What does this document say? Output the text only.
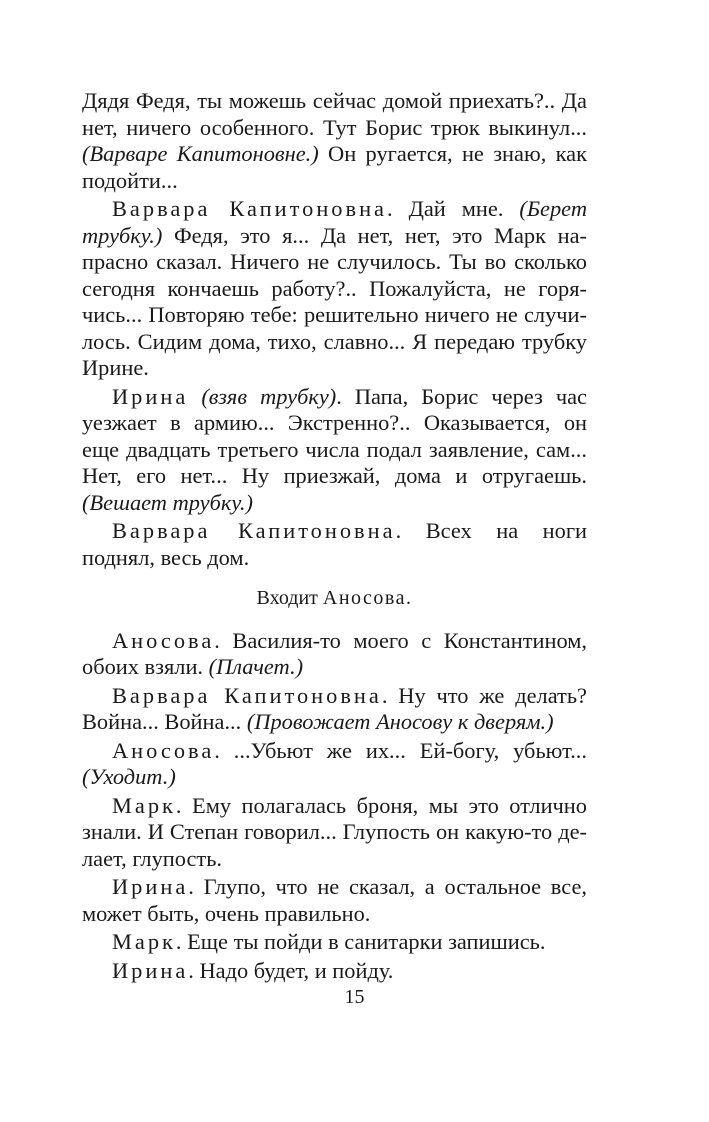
Дядя Федя, ты можешь сейчас домой приехать?.. Да нет, ничего особенного. Тут Борис трюк выкинул... (Варваре Капитоновне.) Он ругается, не знаю, как подойти...

Варвара Капитоновна. Дай мне. (Берет трубку.) Федя, это я... Да нет, нет, это Марк напрасно сказал. Ничего не случилось. Ты во сколько сегодня кончаешь работу?.. Пожалуйста, не горячись... Повторяю тебе: решительно ничего не случилось. Сидим дома, тихо, славно... Я передаю трубку Ирине.

Ирина (взяв трубку). Папа, Борис через час уезжает в армию... Экстренно?.. Оказывается, он еще двадцать третьего числа подал заявление, сам... Нет, его нет... Ну приезжай, дома и отругаешь. (Вешает трубку.)

Варвара Капитоновна. Всех на ноги поднял, весь дом.

Входит Аносова.

Аносова. Василия-то моего с Константином, обоих взяли. (Плачет.)

Варвара Капитоновна. Ну что же делать? Война... Война... (Провожает Аносову к дверям.)

Аносова. ...Убьют же их... Ей-богу, убьют... (Уходит.)

Марк. Ему полагалась броня, мы это отлично знали. И Степан говорил... Глупость он какую-то делает, глупость.

Ирина. Глупо, что не сказал, а остальное все, может быть, очень правильно.

Марк. Еще ты пойди в санитарки запишись.

Ирина. Надо будет, и пойду.

15
